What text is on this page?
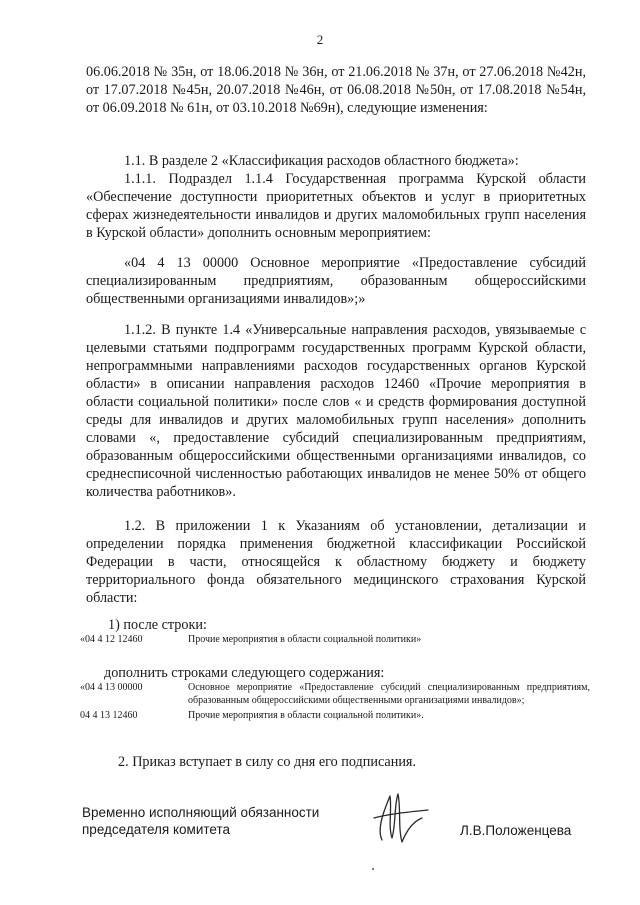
2
06.06.2018 № 35н, от 18.06.2018 № 36н, от 21.06.2018 № 37н, от 27.06.2018 №42н, от 17.07.2018 №45н, 20.07.2018 №46н, от 06.08.2018 №50н, от 17.08.2018 №54н, от 06.09.2018 № 61н, от 03.10.2018 №69н), следующие изменения:
1.1. В разделе 2 «Классификация расходов областного бюджета»:
1.1.1. Подраздел 1.1.4 Государственная программа Курской области «Обеспечение доступности приоритетных объектов и услуг в приоритетных сферах жизнедеятельности инвалидов и других маломобильных групп населения в Курской области» дополнить основным мероприятием:
«04 4 13 00000 Основное мероприятие «Предоставление субсидий специализированным предприятиям, образованным общероссийскими общественными организациями инвалидов»;»
1.1.2. В пункте 1.4 «Универсальные направления расходов, увязываемые с целевыми статьями подпрограмм государственных программ Курской области, непрограммными направлениями расходов государственных органов Курской области» в описании направления расходов 12460 «Прочие мероприятия в области социальной политики» после слов « и средств формирования доступной среды для инвалидов и других маломобильных групп населения» дополнить словами «, предоставление субсидий специализированным предприятиям, образованным общероссийскими общественными организациями инвалидов, со среднесписочной численностью работающих инвалидов не менее 50% от общего количества работников».
1.2. В приложении 1 к Указаниям об установлении, детализации и определении порядка применения бюджетной классификации Российской Федерации в части, относящейся к областному бюджету и бюджету территориального фонда обязательного медицинского страхования Курской области:
1) после строки:
«04 4 12 12460	Прочие мероприятия в области социальной политики»
дополнить строками следующего содержания:
«04 4 13 00000	Основное мероприятие «Предоставление субсидий специализированным предприятиям, образованным общероссийскими общественными организациями инвалидов»;
04 4 13 12460	Прочие мероприятия в области социальной политики».
2. Приказ вступает в силу со дня его подписания.
Временно исполняющий обязанности
председателя комитета	Л.В.Положенцева
